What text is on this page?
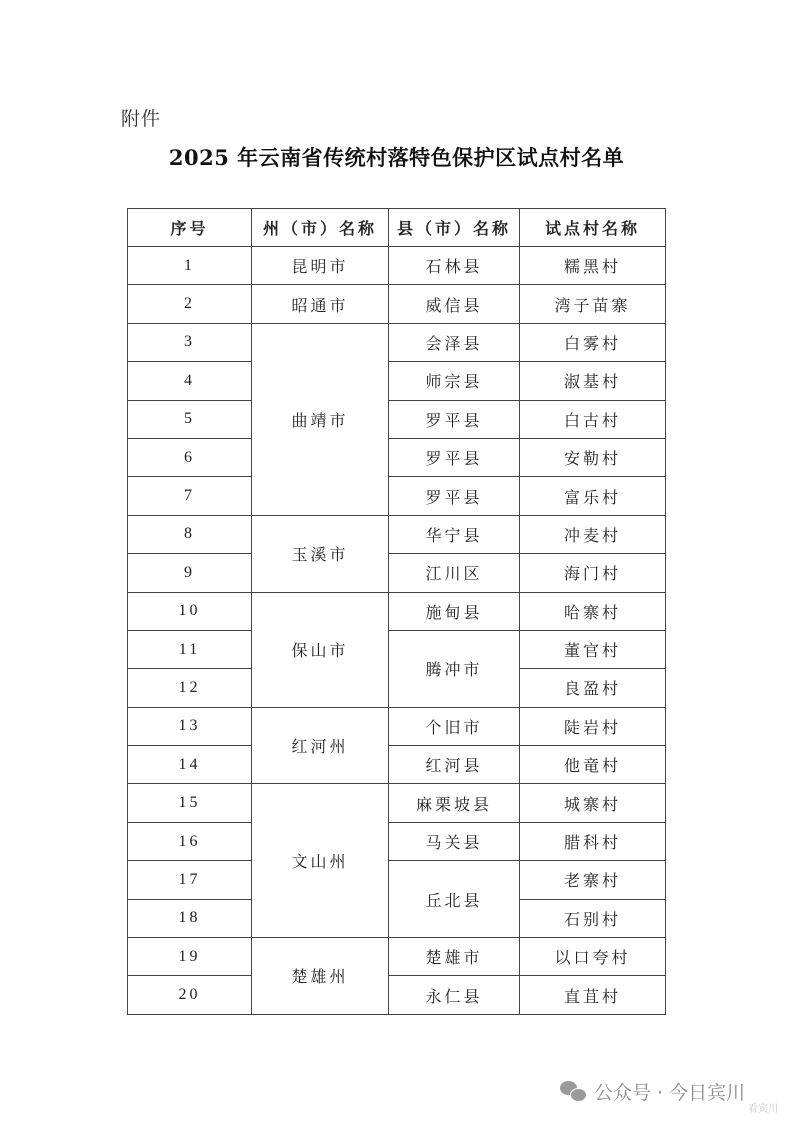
附件
2025 年云南省传统村落特色保护区试点村名单
序号	州（市）名称	县（市）名称	试点村名称
1	昆明市	石林县	糯黑村
2	昭通市	威信县	湾子苗寨
3	曲靖市	会泽县	白雾村
4		师宗县	淑基村
5		罗平县	白古村
6		罗平县	安勒村
7		罗平县	富乐村
8	玉溪市	华宁县	冲麦村
9		江川区	海门村
10	保山市	施甸县	哈寨村
11		腾冲市	董官村
12			良盈村
13	红河州	个旧市	陡岩村
14		红河县	他竜村
15	文山州	麻栗坡县	城寨村
16		马关县	腊科村
17		丘北县	老寨村
18			石别村
19	楚雄州	楚雄市	以口夸村
20		永仁县	直苴村
公众号 · 今日宾川
看宾川
